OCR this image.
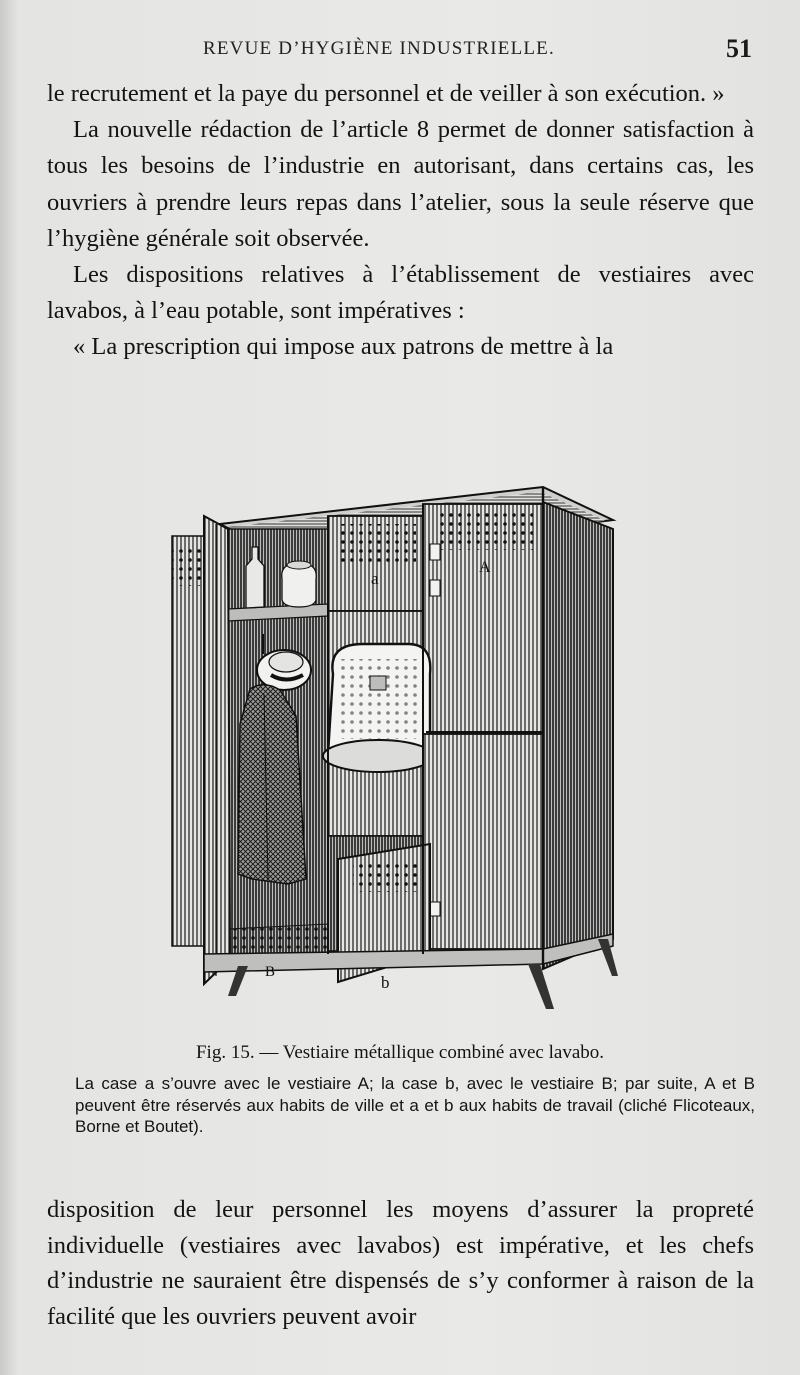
REVUE D’HYGIÈNE INDUSTRIELLE.	51

le recrutement et la paye du personnel et de veiller à son exécution. »

La nouvelle rédaction de l’article 8 permet de donner satisfaction à tous les besoins de l’industrie en autorisant, dans certains cas, les ouvriers à prendre leurs repas dans l’atelier, sous la seule réserve que l’hygiène générale soit observée.

Les dispositions relatives à l’établissement de vestiaires avec lavabos, à l’eau potable, sont impératives :

« La prescription qui impose aux patrons de mettre à la

a
A
B
b
Fig. 15. — Vestiaire métallique combiné avec lavabo.
La case a s’ouvre avec le vestiaire A; la case b, avec le vestiaire B; par suite, A et B peuvent être réservés aux habits de ville et a et b aux habits de travail (cliché Flicoteaux, Borne et Boutet).

disposition de leur personnel les moyens d’assurer la propreté individuelle (vestiaires avec lavabos) est impérative, et les chefs d’industrie ne sauraient être dispensés de s’y conformer à raison de la facilité que les ouvriers peuvent avoir
